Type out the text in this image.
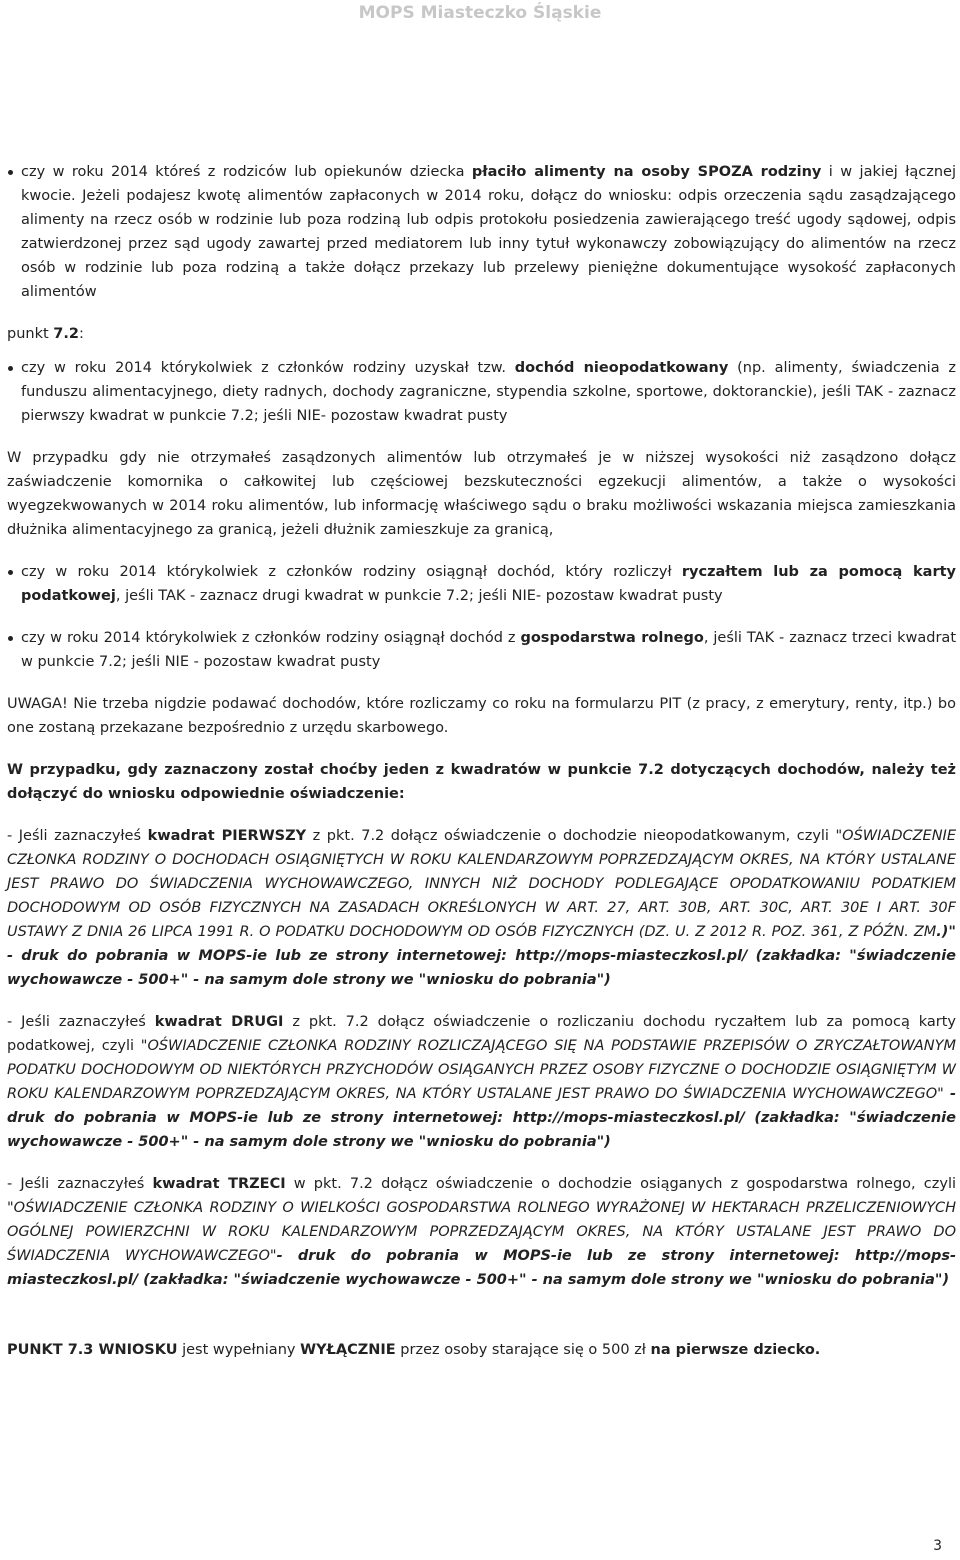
MOPS Miasteczko Śląskie

czy w roku 2014 któreś z rodziców lub opiekunów dziecka płaciło alimenty na osoby SPOZA rodziny i w jakiej łącznej kwocie. Jeżeli podajesz kwotę alimentów zapłaconych w 2014 roku, dołącz do wniosku: odpis orzeczenia sądu zasądzającego alimenty na rzecz osób w rodzinie lub poza rodziną lub odpis protokołu posiedzenia zawierającego treść ugody sądowej, odpis zatwierdzonej przez sąd ugody zawartej przed mediatorem lub inny tytuł wykonawczy zobowiązujący do alimentów na rzecz osób w rodzinie lub poza rodziną a także dołącz przekazy lub przelewy pieniężne dokumentujące wysokość zapłaconych alimentów

punkt 7.2:

czy w roku 2014 którykolwiek z członków rodziny uzyskał tzw. dochód nieopodatkowany (np. alimenty, świadczenia z funduszu alimentacyjnego, diety radnych, dochody zagraniczne, stypendia szkolne, sportowe, doktoranckie), jeśli TAK - zaznacz pierwszy kwadrat w punkcie 7.2; jeśli NIE- pozostaw kwadrat pusty

W przypadku gdy nie otrzymałeś zasądzonych alimentów lub otrzymałeś je w niższej wysokości niż zasądzono dołącz zaświadczenie komornika o całkowitej lub częściowej bezskuteczności egzekucji alimentów, a także o wysokości wyegzekwowanych w 2014 roku alimentów, lub informację właściwego sądu o braku możliwości wskazania miejsca zamieszkania dłużnika alimentacyjnego za granicą, jeżeli dłużnik zamieszkuje za granicą,

czy w roku 2014 którykolwiek z członków rodziny osiągnął dochód, który rozliczył ryczałtem lub za pomocą karty podatkowej, jeśli TAK - zaznacz drugi kwadrat w punkcie 7.2; jeśli NIE- pozostaw kwadrat pusty

czy w roku 2014 którykolwiek z członków rodziny osiągnął dochód z gospodarstwa rolnego, jeśli TAK - zaznacz trzeci kwadrat w punkcie 7.2; jeśli NIE - pozostaw kwadrat pusty

UWAGA! Nie trzeba nigdzie podawać dochodów, które rozliczamy co roku na formularzu PIT (z pracy, z emerytury, renty, itp.) bo one zostaną przekazane bezpośrednio z urzędu skarbowego.

W przypadku, gdy zaznaczony został choćby jeden z kwadratów w punkcie 7.2 dotyczących dochodów, należy też dołączyć do wniosku odpowiednie oświadczenie:

- Jeśli zaznaczyłeś kwadrat PIERWSZY z pkt. 7.2 dołącz oświadczenie o dochodzie nieopodatkowanym, czyli "OŚWIADCZENIE CZŁONKA RODZINY O DOCHODACH OSIĄGNIĘTYCH W ROKU KALENDARZOWYM POPRZEDZAJĄCYM OKRES, NA KTÓRY USTALANE JEST PRAWO DO ŚWIADCZENIA WYCHOWAWCZEGO, INNYCH NIŻ DOCHODY PODLEGAJĄCE OPODATKOWANIU PODATKIEM DOCHODOWYM OD OSÓB FIZYCZNYCH NA ZASADACH OKREŚLONYCH W ART. 27, ART. 30B, ART. 30C, ART. 30E I ART. 30F USTAWY Z DNIA 26 LIPCA 1991 R. O PODATKU DOCHODOWYM OD OSÓB FIZYCZNYCH (DZ. U. Z 2012 R. POZ. 361, Z PÓŹN. ZM.)" - druk do pobrania w MOPS-ie lub ze strony internetowej: http://mops-miasteczkosl.pl/ (zakładka: "świadczenie wychowawcze - 500+" - na samym dole strony we "wniosku do pobrania")

- Jeśli zaznaczyłeś kwadrat DRUGI z pkt. 7.2 dołącz oświadczenie o rozliczaniu dochodu ryczałtem lub za pomocą karty podatkowej, czyli "OŚWIADCZENIE CZŁONKA RODZINY ROZLICZAJĄCEGO SIĘ NA PODSTAWIE PRZEPISÓW O ZRYCZAŁTOWANYM PODATKU DOCHODOWYM OD NIEKTÓRYCH PRZYCHODÓW OSIĄGANYCH PRZEZ OSOBY FIZYCZNE O DOCHODZIE OSIĄGNIĘTYM W ROKU KALENDARZOWYM POPRZEDZAJĄCYM OKRES, NA KTÓRY USTALANE JEST PRAWO DO ŚWIADCZENIA WYCHOWAWCZEGO" - druk do pobrania w MOPS-ie lub ze strony internetowej: http://mops-miasteczkosl.pl/ (zakładka: "świadczenie wychowawcze - 500+" - na samym dole strony we "wniosku do pobrania")

- Jeśli zaznaczyłeś kwadrat TRZECI w pkt. 7.2 dołącz oświadczenie o dochodzie osiąganych z gospodarstwa rolnego, czyli "OŚWIADCZENIE CZŁONKA RODZINY O WIELKOŚCI GOSPODARSTWA ROLNEGO WYRAŻONEJ W HEKTARACH PRZELICZENIOWYCH OGÓLNEJ POWIERZCHNI W ROKU KALENDARZOWYM POPRZEDZAJĄCYM OKRES, NA KTÓRY USTALANE JEST PRAWO DO ŚWIADCZENIA WYCHOWAWCZEGO"- druk do pobrania w MOPS-ie lub ze strony internetowej: http://mops-miasteczkosl.pl/ (zakładka: "świadczenie wychowawcze - 500+" - na samym dole strony we "wniosku do pobrania")

PUNKT 7.3 WNIOSKU jest wypełniany WYŁĄCZNIE przez osoby starające się o 500 zł na pierwsze dziecko.

3
